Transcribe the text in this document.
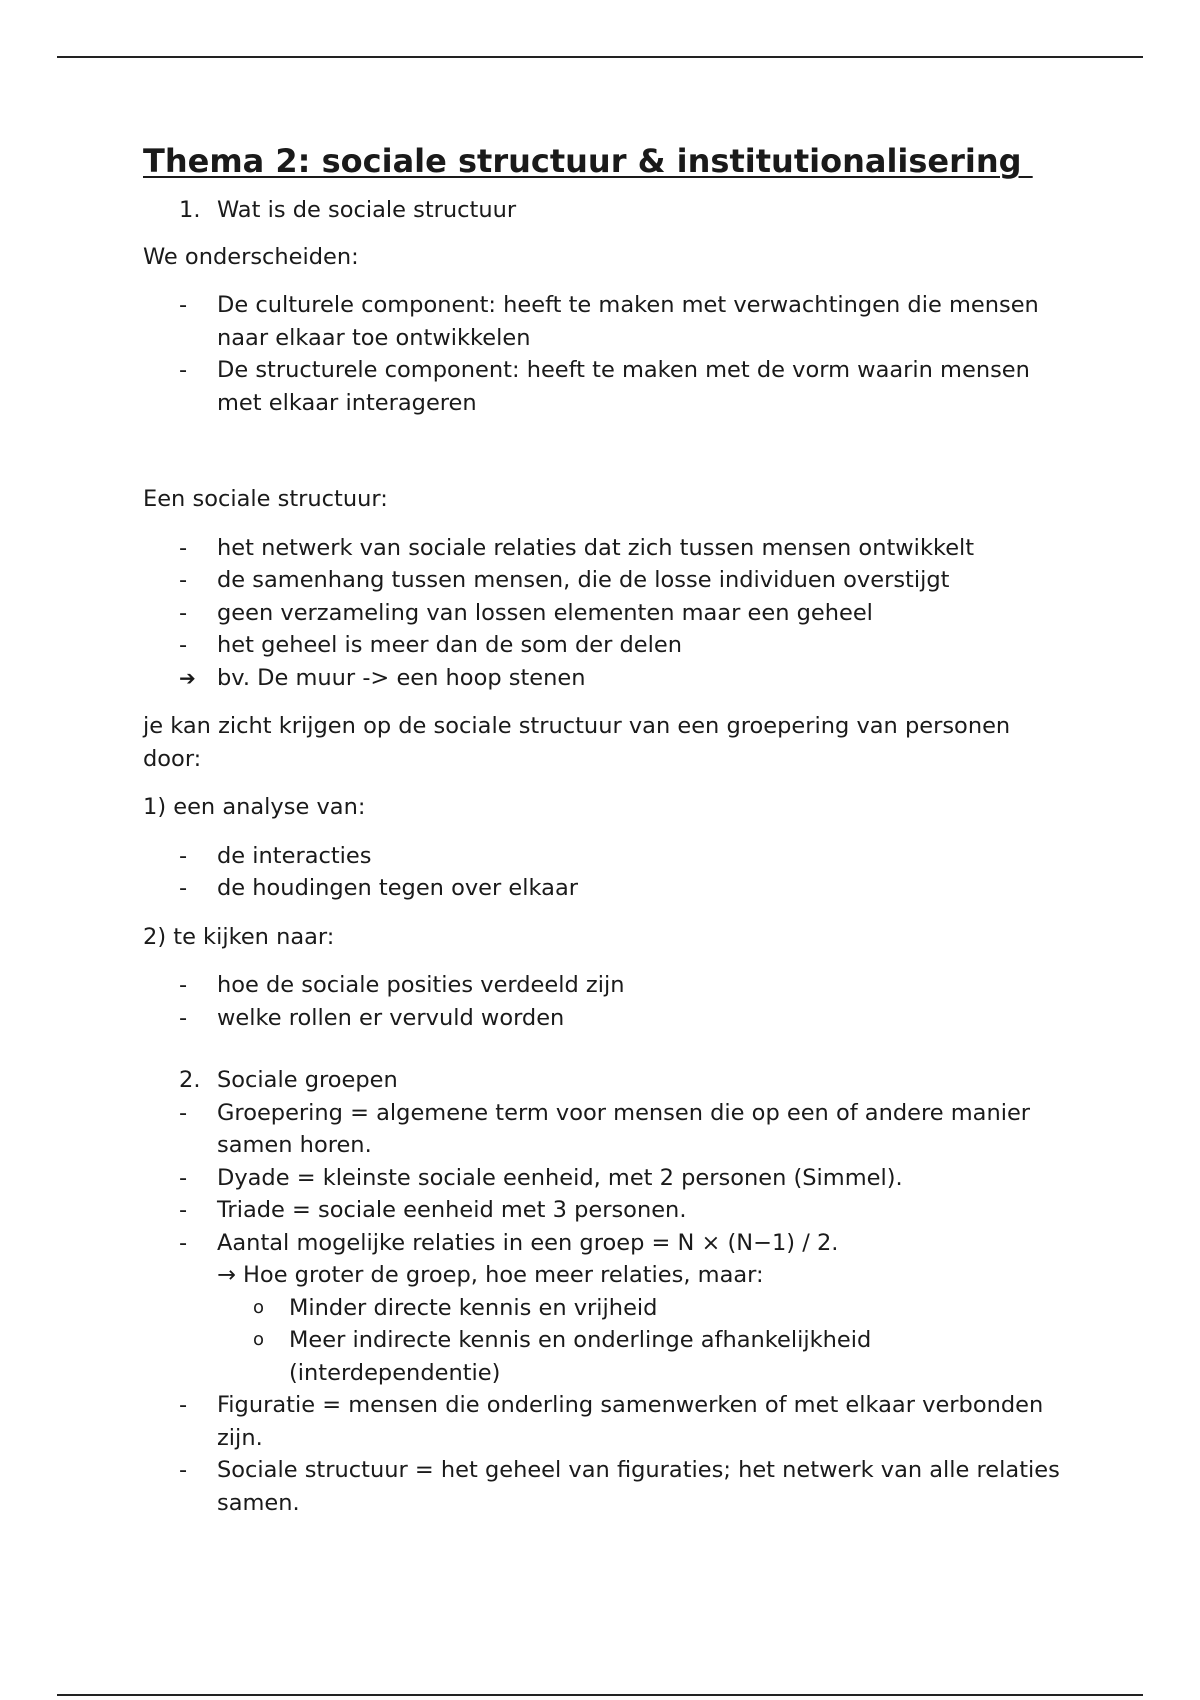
Thema 2: sociale structuur & institutionalisering
1. Wat is de sociale structuur

We onderscheiden:

- De culturele component: heeft te maken met verwachtingen die mensen naar elkaar toe ontwikkelen
- De structurele component: heeft te maken met de vorm waarin mensen met elkaar interageren

Een sociale structuur:

- het netwerk van sociale relaties dat zich tussen mensen ontwikkelt
- de samenhang tussen mensen, die de losse individuen overstijgt
- geen verzameling van lossen elementen maar een geheel
- het geheel is meer dan de som der delen
➔ bv. De muur -> een hoop stenen

je kan zicht krijgen op de sociale structuur van een groepering van personen door:

1) een analyse van:

- de interacties
- de houdingen tegen over elkaar

2) te kijken naar:

- hoe de sociale posities verdeeld zijn
- welke rollen er vervuld worden
2. Sociale groepen
- Groepering = algemene term voor mensen die op een of andere manier samen horen.
- Dyade = kleinste sociale eenheid, met 2 personen (Simmel).
- Triade = sociale eenheid met 3 personen.
- Aantal mogelijke relaties in een groep = N × (N−1) / 2.
→ Hoe groter de groep, hoe meer relaties, maar:
o Minder directe kennis en vrijheid
o Meer indirecte kennis en onderlinge afhankelijkheid (interdependentie)
- Figuratie = mensen die onderling samenwerken of met elkaar verbonden zijn.
- Sociale structuur = het geheel van figuraties; het netwerk van alle relaties samen.
